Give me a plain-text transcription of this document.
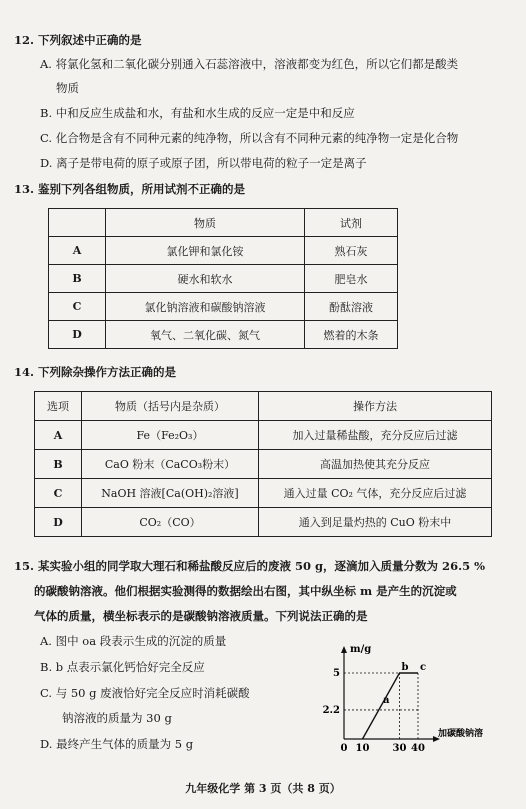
12. 下列叙述中正确的是
A. 将氯化氢和二氧化碳分别通入石蕊溶液中，溶液都变为红色，所以它们都是酸类
物质
B. 中和反应生成盐和水，有盐和水生成的反应一定是中和反应
C. 化合物是含有不同种元素的纯净物，所以含有不同种元素的纯净物一定是化合物
D. 离子是带电荷的原子或原子团，所以带电荷的粒子一定是离子
13. 鉴别下列各组物质，所用试剂不正确的是
	物质	试剂
A	氯化钾和氯化铵	熟石灰
B	硬水和软水	肥皂水
C	氯化钠溶液和碳酸钠溶液	酚酞溶液
D	氧气、二氧化碳、氮气	燃着的木条
14. 下列除杂操作方法正确的是
选项	物质（括号内是杂质）	操作方法
A	Fe（Fe₂O₃）	加入过量稀盐酸，充分反应后过滤
B	CaO 粉末（CaCO₃粉末）	高温加热使其充分反应
C	NaOH 溶液[Ca(OH)₂溶液]	通入过量 CO₂ 气体，充分反应后过滤
D	CO₂（CO）	通入到足量灼热的 CuO 粉末中
15. 某实验小组的同学取大理石和稀盐酸反应后的废液 50 g，逐滴加入质量分数为 26.5 %
的碳酸钠溶液。他们根据实验测得的数据绘出右图，其中纵坐标 m 是产生的沉淀或
气体的质量，横坐标表示的是碳酸钠溶液质量。下列说法正确的是
A. 图中 oa 段表示生成的沉淀的质量
B. b 点表示氯化钙恰好完全反应
C. 与 50 g 废液恰好完全反应时消耗碳酸
钠溶液的质量为 30 g
D. 最终产生气体的质量为 5 g
m/g
加碳酸钠溶
0 10 30 40
2.2
5
a
b c
九年级化学 第 3 页（共 8 页）
